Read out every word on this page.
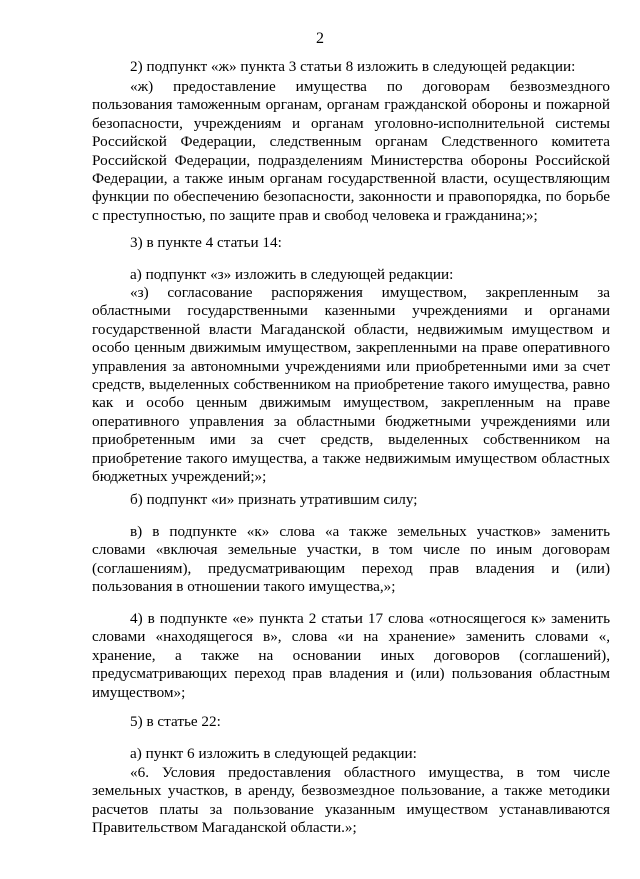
2

2) подпункт «ж» пункта 3 статьи 8 изложить в следующей редакции:

«ж) предоставление имущества по договорам безвозмездного пользования таможенным органам, органам гражданской обороны и пожарной безопасности, учреждениям и органам уголовно-исполнительной системы Российской Федерации, следственным органам Следственного комитета Российской Федерации, подразделениям Министерства обороны Российской Федерации, а также иным органам государственной власти, осуществляющим функции по обеспечению безопасности, законности и правопорядка, по борьбе с преступностью, по защите прав и свобод человека и гражданина;»;

3) в пункте 4 статьи 14:

а) подпункт «з» изложить в следующей редакции:

«з) согласование распоряжения имуществом, закрепленным за областными государственными казенными учреждениями и органами государственной власти Магаданской области, недвижимым имуществом и особо ценным движимым имуществом, закрепленными на праве оперативного управления за автономными учреждениями или приобретенными ими за счет средств, выделенных собственником на приобретение такого имущества, равно как и особо ценным движимым имуществом, закрепленным на праве оперативного управления за областными бюджетными учреждениями или приобретенным ими за счет средств, выделенных собственником на приобретение такого имущества, а также недвижимым имуществом областных бюджетных учреждений;»;

б) подпункт «и» признать утратившим силу;

в) в подпункте «к» слова «а также земельных участков» заменить словами «включая земельные участки, в том числе по иным договорам (соглашениям), предусматривающим переход прав владения и (или) пользования в отношении такого имущества,»;

4) в подпункте «е» пункта 2 статьи 17 слова «относящегося к» заменить словами «находящегося в», слова «и на хранение» заменить словами «, хранение, а также на основании иных договоров (соглашений), предусматривающих переход прав владения и (или) пользования областным имуществом»;

5) в статье 22:

а) пункт 6 изложить в следующей редакции:

«6. Условия предоставления областного имущества, в том числе земельных участков, в аренду, безвозмездное пользование, а также методики расчетов платы за пользование указанным имуществом устанавливаются Правительством Магаданской области.»;
